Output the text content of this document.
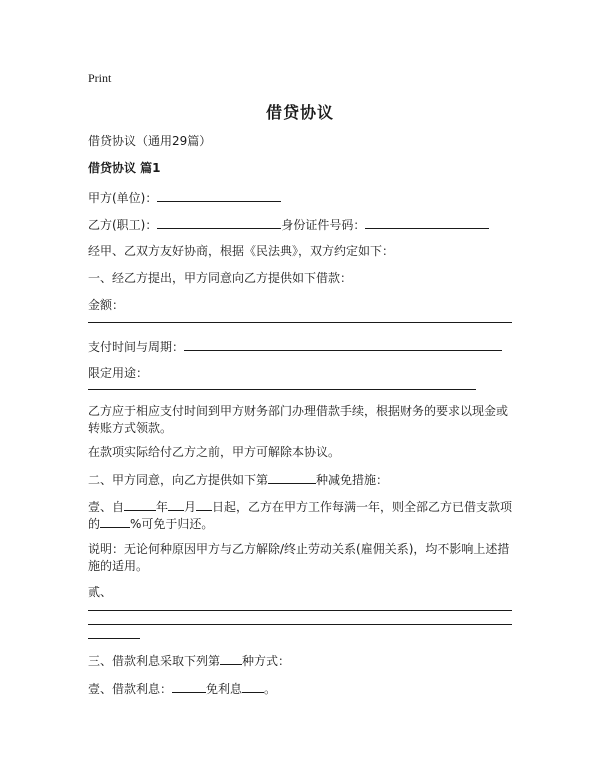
Print
借贷协议
借贷协议（通用29篇）
借贷协议 篇1
甲方(单位)：
乙方(职工)：	身份证件号码：
经甲、乙双方友好协商，根据《民法典》，双方约定如下：
一、经乙方提出，甲方同意向乙方提供如下借款：
金额：
支付时间与周期：
限定用途：
乙方应于相应支付时间到甲方财务部门办理借款手续，根据财务的要求以现金或转账方式领款。
在款项实际给付乙方之前，甲方可解除本协议。
二、甲方同意，向乙方提供如下第	种减免措施：
壹、自	年 月 日起，乙方在甲方工作每满一年，则全部乙方已借支款项
的	%可免于归还。
说明：无论何种原因甲方与乙方解除/终止劳动关系(雇佣关系)，均不影响上述措施的适用。
贰、
三、借款利息采取下列第 种方式：
壹、借款利息：	免利息 。
